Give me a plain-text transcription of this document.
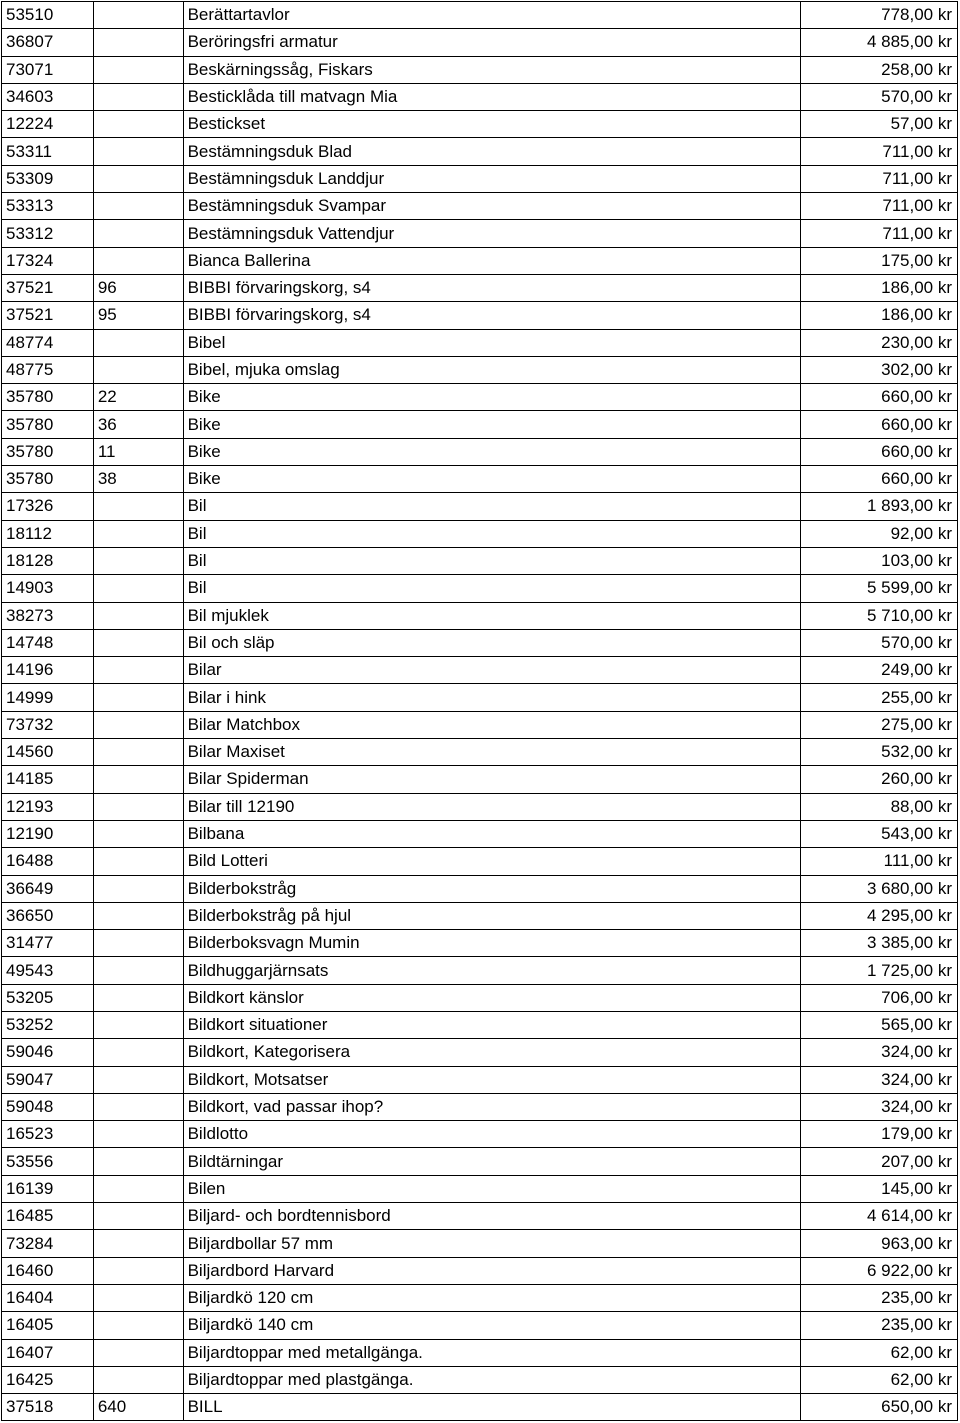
53510		Berättartavlor	778,00 kr
36807		Beröringsfri armatur	4 885,00 kr
73071		Beskärningssåg, Fiskars	258,00 kr
34603		Besticklåda till matvagn Mia	570,00 kr
12224		Bestickset	57,00 kr
53311		Bestämningsduk Blad	711,00 kr
53309		Bestämningsduk Landdjur	711,00 kr
53313		Bestämningsduk Svampar	711,00 kr
53312		Bestämningsduk Vattendjur	711,00 kr
17324		Bianca Ballerina	175,00 kr
37521	96	BIBBI förvaringskorg, s4	186,00 kr
37521	95	BIBBI förvaringskorg, s4	186,00 kr
48774		Bibel	230,00 kr
48775		Bibel, mjuka omslag	302,00 kr
35780	22	Bike	660,00 kr
35780	36	Bike	660,00 kr
35780	11	Bike	660,00 kr
35780	38	Bike	660,00 kr
17326		Bil	1 893,00 kr
18112		Bil	92,00 kr
18128		Bil	103,00 kr
14903		Bil	5 599,00 kr
38273		Bil mjuklek	5 710,00 kr
14748		Bil och släp	570,00 kr
14196		Bilar	249,00 kr
14999		Bilar i hink	255,00 kr
73732		Bilar Matchbox	275,00 kr
14560		Bilar Maxiset	532,00 kr
14185		Bilar Spiderman	260,00 kr
12193		Bilar till 12190	88,00 kr
12190		Bilbana	543,00 kr
16488		Bild Lotteri	111,00 kr
36649		Bilderbokstråg	3 680,00 kr
36650		Bilderbokstråg på hjul	4 295,00 kr
31477		Bilderboksvagn Mumin	3 385,00 kr
49543		Bildhuggarjärnsats	1 725,00 kr
53205		Bildkort känslor	706,00 kr
53252		Bildkort situationer	565,00 kr
59046		Bildkort, Kategorisera	324,00 kr
59047		Bildkort, Motsatser	324,00 kr
59048		Bildkort, vad passar ihop?	324,00 kr
16523		Bildlotto	179,00 kr
53556		Bildtärningar	207,00 kr
16139		Bilen	145,00 kr
16485		Biljard- och bordtennisbord	4 614,00 kr
73284		Biljardbollar 57 mm	963,00 kr
16460		Biljardbord Harvard	6 922,00 kr
16404		Biljardkö 120 cm	235,00 kr
16405		Biljardkö 140 cm	235,00 kr
16407		Biljardtoppar med metallgänga.	62,00 kr
16425		Biljardtoppar med plastgänga.	62,00 kr
37518	640	BILL	650,00 kr
